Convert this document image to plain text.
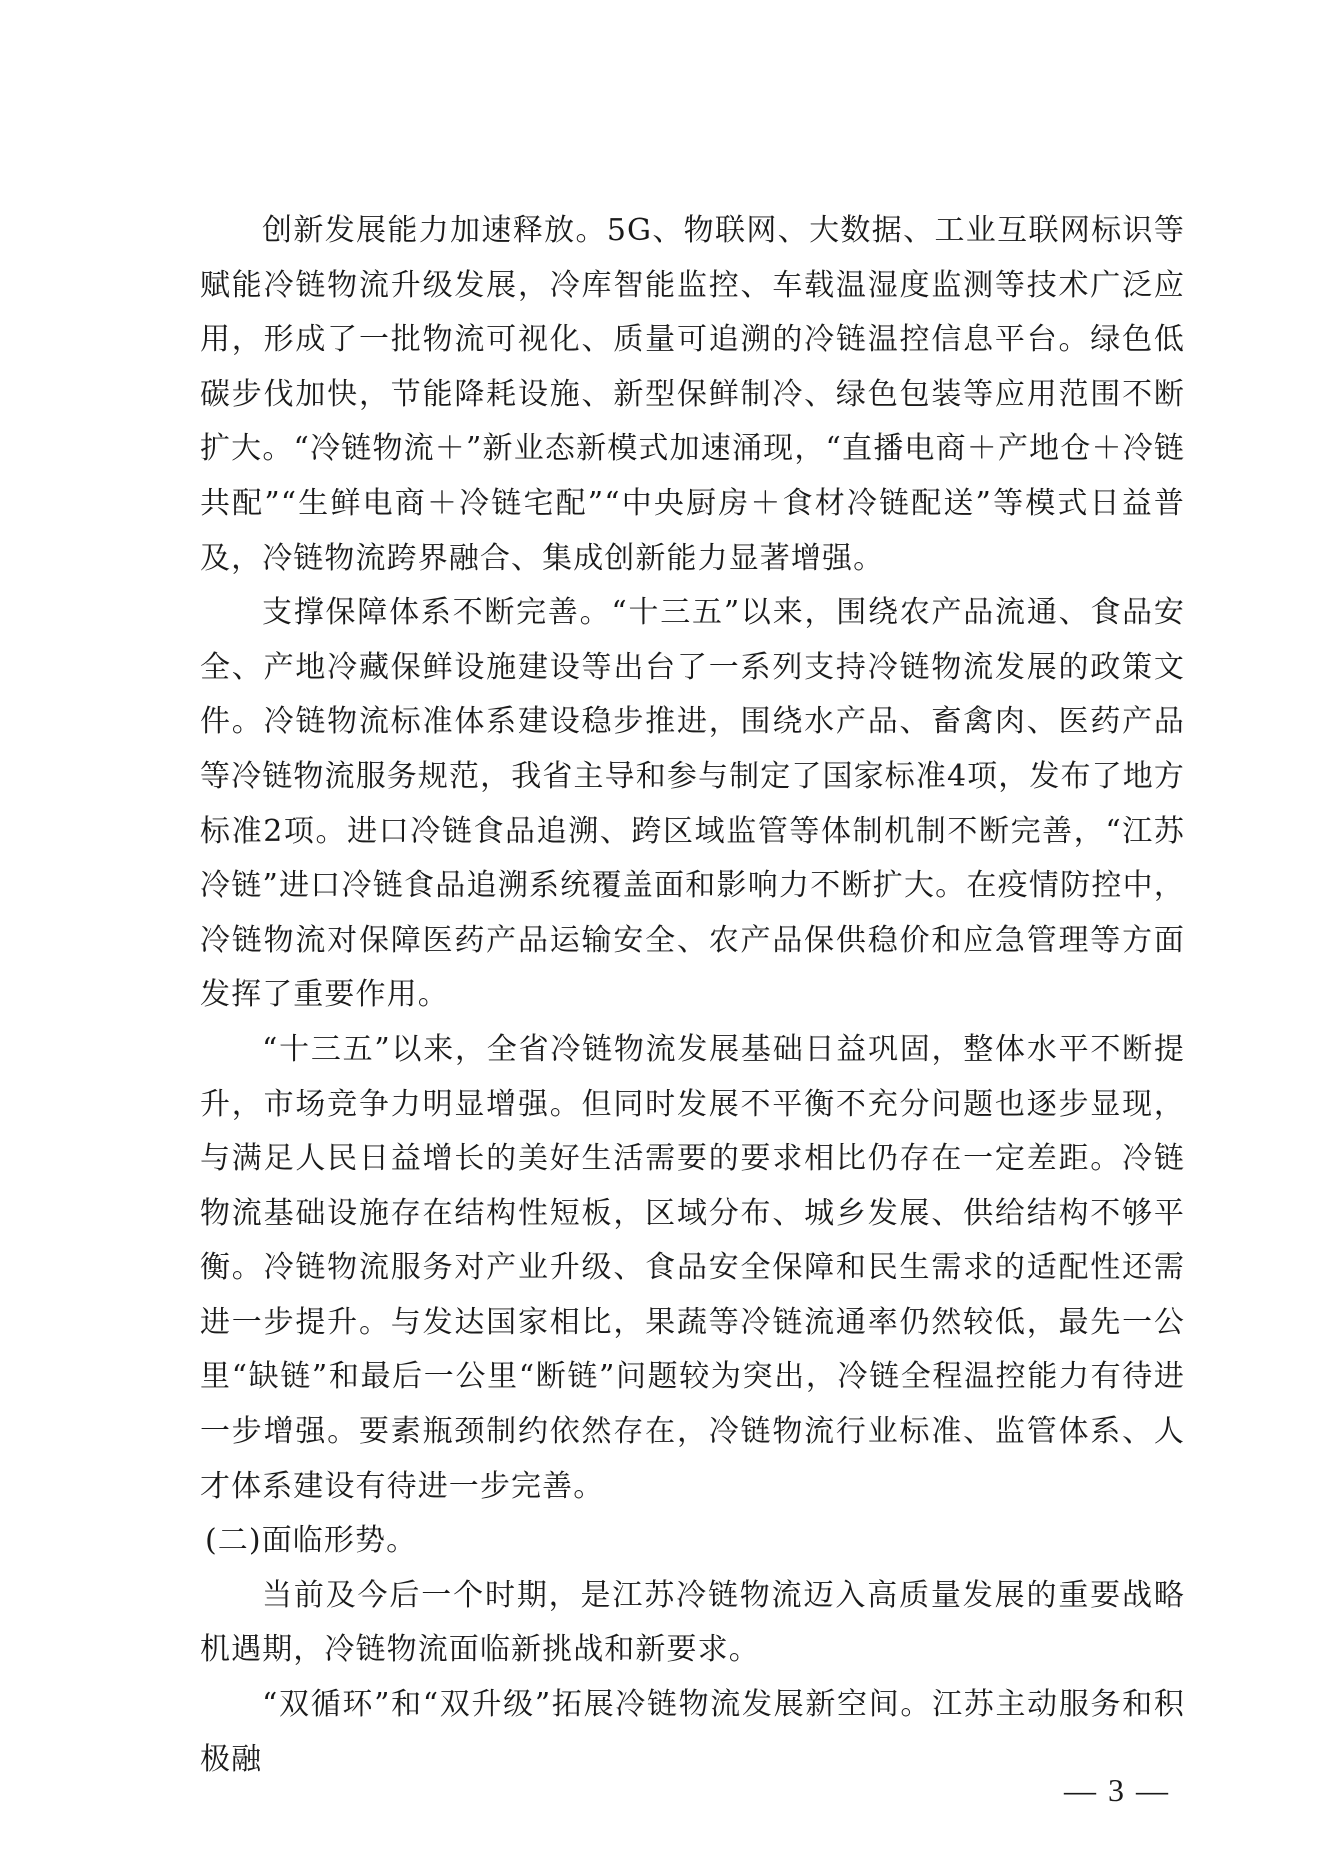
创新发展能力加速释放。5G、物联网、大数据、工业互联网标识等赋能冷链物流升级发展，冷库智能监控、车载温湿度监测等技术广泛应用，形成了一批物流可视化、质量可追溯的冷链温控信息平台。绿色低碳步伐加快，节能降耗设施、新型保鲜制冷、绿色包装等应用范围不断扩大。“冷链物流＋”新业态新模式加速涌现，“直播电商＋产地仓＋冷链共配”“生鲜电商＋冷链宅配”“中央厨房＋食材冷链配送”等模式日益普及，冷链物流跨界融合、集成创新能力显著增强。

支撑保障体系不断完善。“十三五”以来，围绕农产品流通、食品安全、产地冷藏保鲜设施建设等出台了一系列支持冷链物流发展的政策文件。冷链物流标准体系建设稳步推进，围绕水产品、畜禽肉、医药产品等冷链物流服务规范，我省主导和参与制定了国家标准4项，发布了地方标准2项。进口冷链食品追溯、跨区域监管等体制机制不断完善，“江苏冷链”进口冷链食品追溯系统覆盖面和影响力不断扩大。在疫情防控中，冷链物流对保障医药产品运输安全、农产品保供稳价和应急管理等方面发挥了重要作用。

“十三五”以来，全省冷链物流发展基础日益巩固，整体水平不断提升，市场竞争力明显增强。但同时发展不平衡不充分问题也逐步显现，与满足人民日益增长的美好生活需要的要求相比仍存在一定差距。冷链物流基础设施存在结构性短板，区域分布、城乡发展、供给结构不够平衡。冷链物流服务对产业升级、食品安全保障和民生需求的适配性还需进一步提升。与发达国家相比，果蔬等冷链流通率仍然较低，最先一公里“缺链”和最后一公里“断链”问题较为突出，冷链全程温控能力有待进一步增强。要素瓶颈制约依然存在，冷链物流行业标准、监管体系、人才体系建设有待进一步完善。

(二)面临形势。

当前及今后一个时期，是江苏冷链物流迈入高质量发展的重要战略机遇期，冷链物流面临新挑战和新要求。

“双循环”和“双升级”拓展冷链物流发展新空间。江苏主动服务和积极融

— 3 —
